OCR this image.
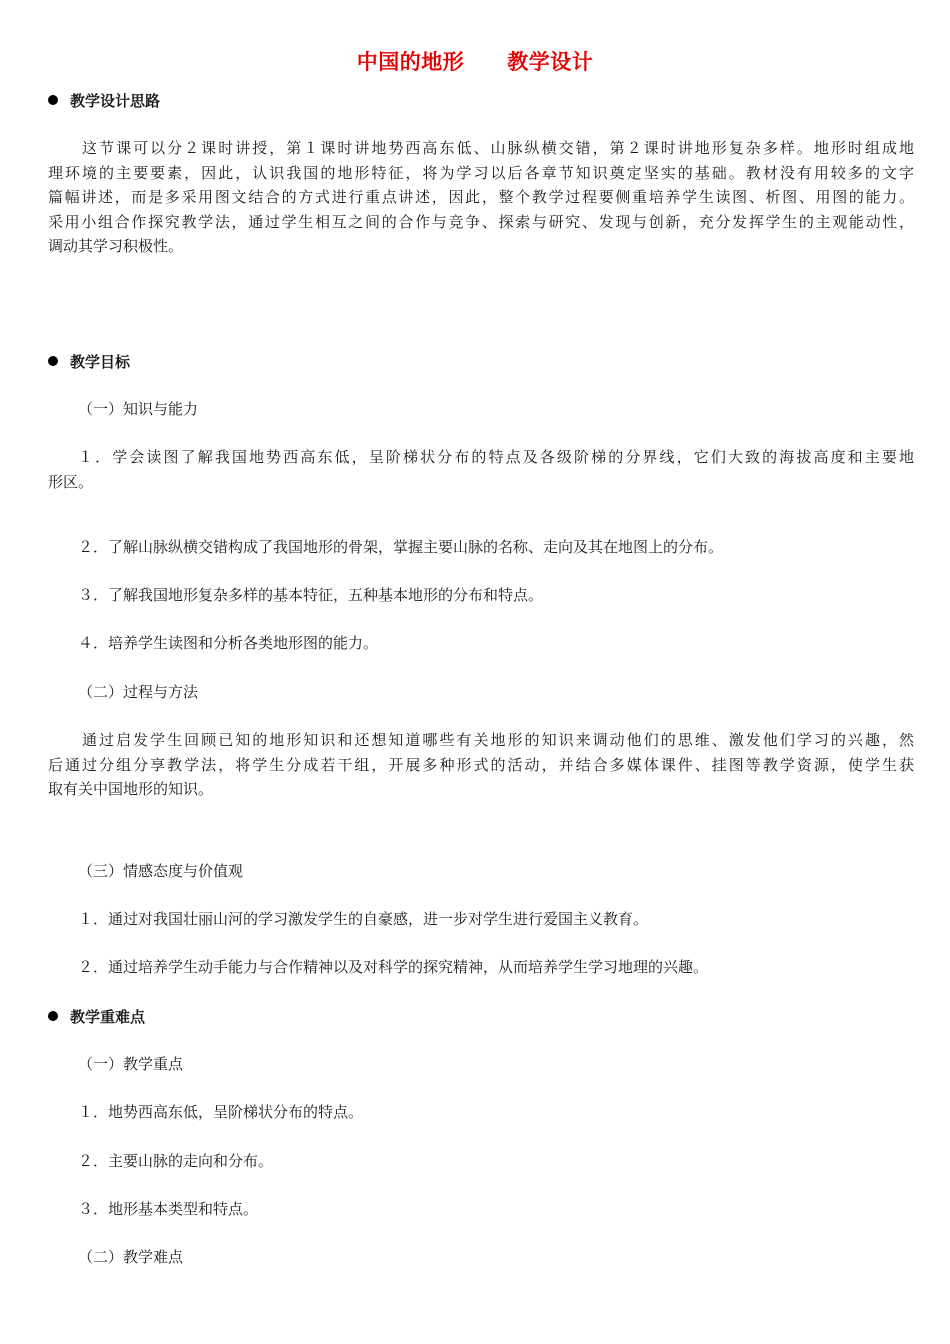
中国的地形　　教学设计
教学设计思路
　　这节课可以分２课时讲授，第１课时讲地势西高东低、山脉纵横交错，第２课时讲地形复杂多样。地形时组成地
理环境的主要要素，因此，认识我国的地形特征，将为学习以后各章节知识奠定坚实的基础。教材没有用较多的文字
篇幅讲述，而是多采用图文结合的方式进行重点讲述，因此，整个教学过程要侧重培养学生读图、析图、用图的能力。
采用小组合作探究教学法，通过学生相互之间的合作与竞争、探索与研究、发现与创新，充分发挥学生的主观能动性，
调动其学习积极性。
教学目标
（一）知识与能力
１．学会读图了解我国地势西高东低，呈阶梯状分布的特点及各级阶梯的分界线，它们大致的海拔高度和主要地
形区。
２．了解山脉纵横交错构成了我国地形的骨架，掌握主要山脉的名称、走向及其在地图上的分布。
３．了解我国地形复杂多样的基本特征，五种基本地形的分布和特点。
４．培养学生读图和分析各类地形图的能力。
（二）过程与方法
　　通过启发学生回顾已知的地形知识和还想知道哪些有关地形的知识来调动他们的思维、激发他们学习的兴趣，然
后通过分组分享教学法，将学生分成若干组，开展多种形式的活动，并结合多媒体课件、挂图等教学资源，使学生获
取有关中国地形的知识。
（三）情感态度与价值观
１．通过对我国壮丽山河的学习激发学生的自豪感，进一步对学生进行爱国主义教育。
２．通过培养学生动手能力与合作精神以及对科学的探究精神，从而培养学生学习地理的兴趣。
教学重难点
（一）教学重点
１．地势西高东低，呈阶梯状分布的特点。
２．主要山脉的走向和分布。
３．地形基本类型和特点。
（二）教学难点
